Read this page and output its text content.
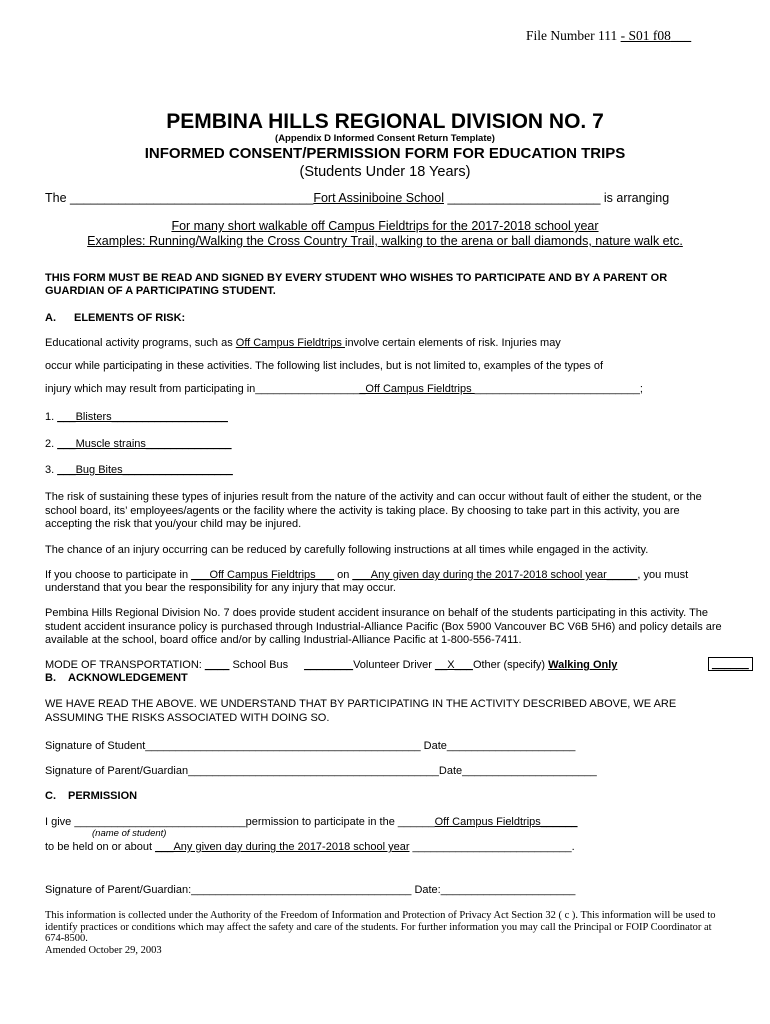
File Number 111 - S01 f08___
PEMBINA HILLS REGIONAL DIVISION NO. 7
(Appendix D Informed Consent Return Template)
INFORMED CONSENT/PERMISSION FORM FOR EDUCATION TRIPS
(Students Under 18 Years)
The ___________________________________Fort Assiniboine School ______________________ is arranging
For many short walkable off Campus Fieldtrips for the 2017-2018 school year
Examples: Running/Walking the Cross Country Trail, walking to the arena or ball diamonds, nature walk etc.
THIS FORM MUST BE READ AND SIGNED BY EVERY STUDENT WHO WISHES TO PARTICIPATE AND BY A PARENT OR GUARDIAN OF A PARTICIPATING STUDENT.
A. ELEMENTS OF RISK:
Educational activity programs, such as Off Campus Fieldtrips involve certain elements of risk. Injuries may
occur while participating in these activities. The following list includes, but is not limited to, examples of the types of
injury which may result from participating in__________________Off Campus Fieldtrips ___________________________;
1. ___Blisters___________________
2. ___Muscle strains______________
3. ___Bug Bites__________________
The risk of sustaining these types of injuries result from the nature of the activity and can occur without fault of either the student, or the school board, its’ employees/agents or the facility where the activity is taking place. By choosing to take part in this activity, you are accepting the risk that you/your child may be injured.
The chance of an injury occurring can be reduced by carefully following instructions at all times while engaged in the activity.
If you choose to participate in ___Off Campus Fieldtrips___ on ___Any given day during the 2017-2018 school year_____, you must
understand that you bear the responsibility for any injury that may occur.
Pembina Hills Regional Division No. 7 does provide student accident insurance on behalf of the students participating in this activity. The student accident insurance policy is purchased through Industrial-Alliance Pacific (Box 5900 Vancouver BC V6B 5H6) and policy details are available at the school, board office and/or by calling Industrial-Alliance Pacific at 1-800-556-7411.
MODE OF TRANSPORTATION: ____ School Bus ________Volunteer Driver __X___Other (specify) Walking Only	______
B. ACKNOWLEDGEMENT
WE HAVE READ THE ABOVE. WE UNDERSTAND THAT BY PARTICIPATING IN THE ACTIVITY DESCRIBED ABOVE, WE ARE ASSUMING THE RISKS ASSOCIATED WITH DOING SO.
Signature of Student_____________________________________________ Date_____________________
Signature of Parent/Guardian_________________________________________Date______________________
C. PERMISSION
I give ____________________________permission to participate in the ______Off Campus Fieldtrips______
(name of student)
to be held on or about ___Any given day during the 2017-2018 school year __________________________.
Signature of Parent/Guardian:____________________________________ Date:______________________
This information is collected under the Authority of the Freedom of Information and Protection of Privacy Act Section 32 ( c ). This information will be used to identify practices or conditions which may affect the safety and care of the students. For further information you may call the Principal or FOIP Coordinator at 674-8500.
Amended October 29, 2003
